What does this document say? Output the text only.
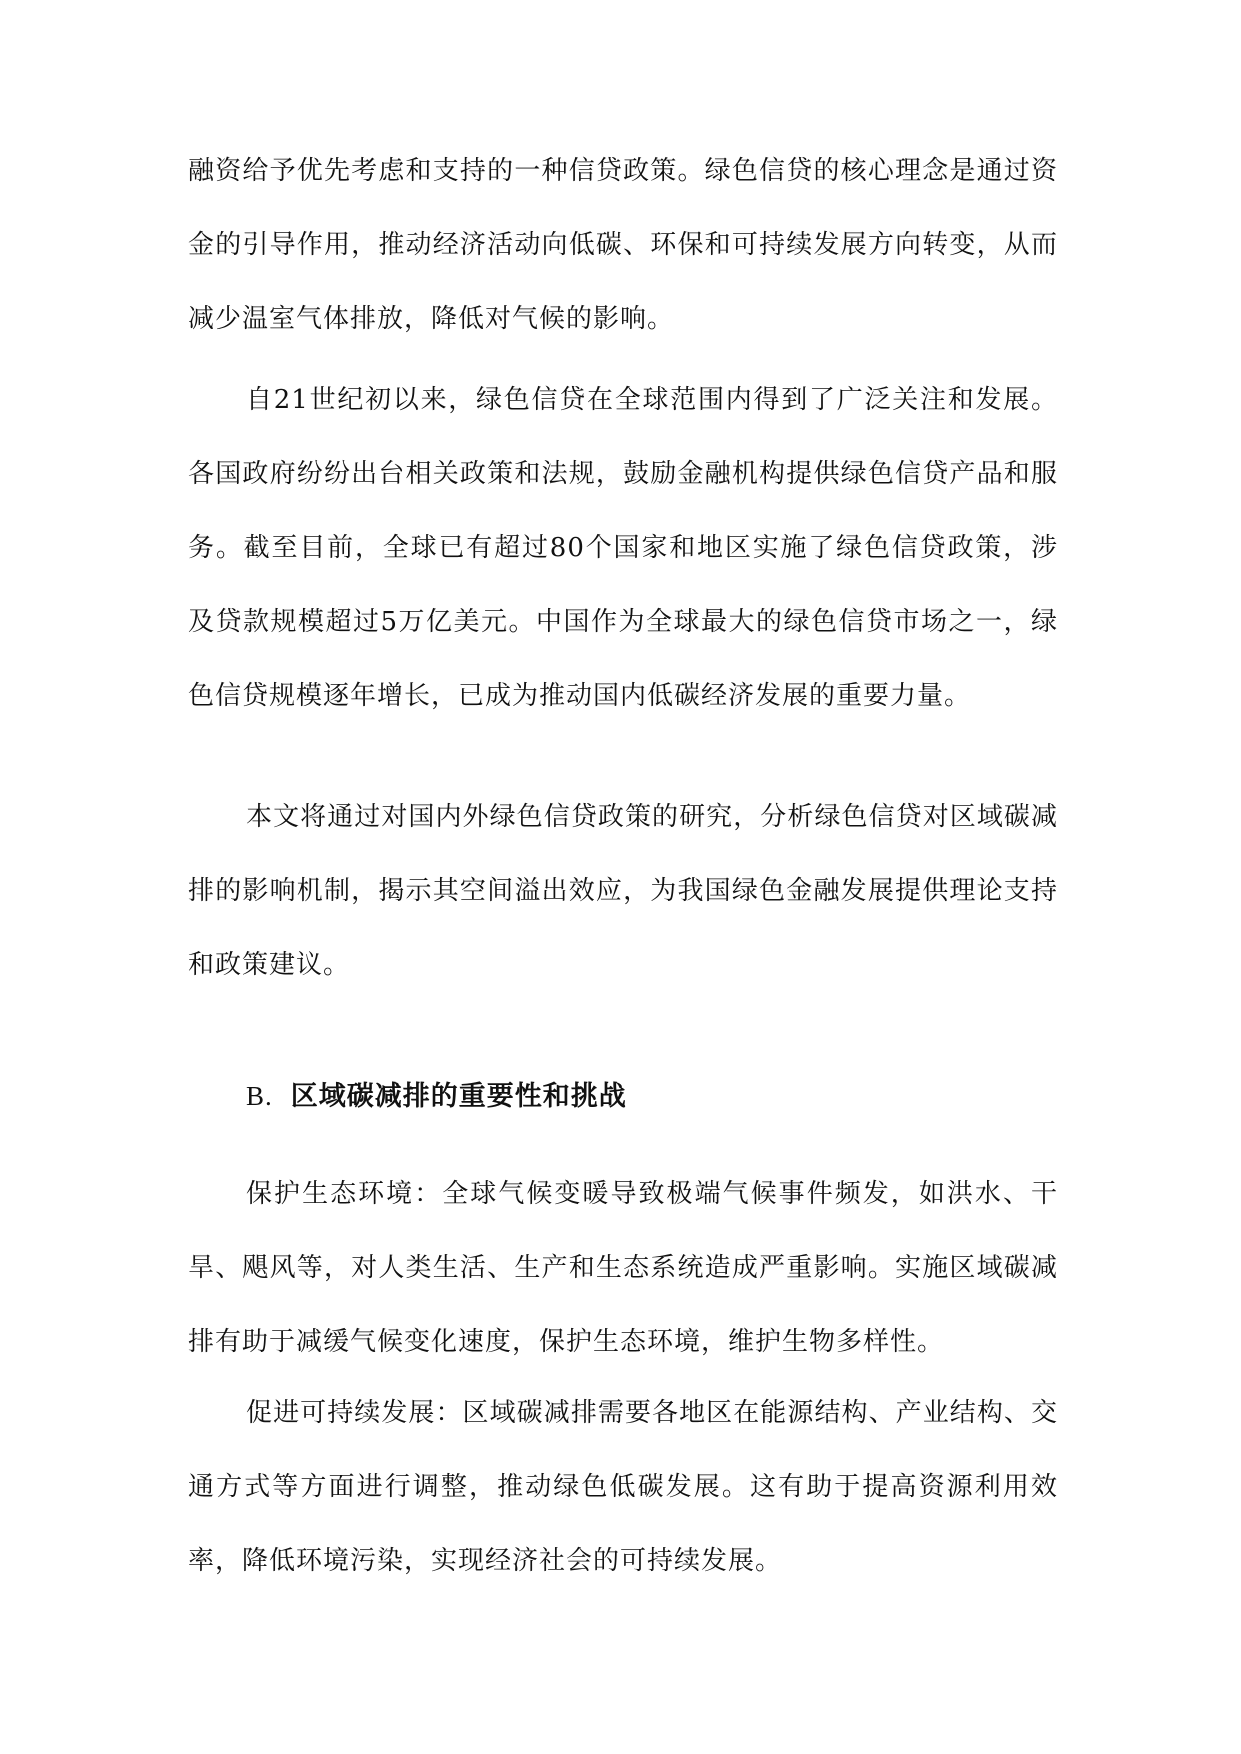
融资给予优先考虑和支持的一种信贷政策。绿色信贷的核心理念是通过资金的引导作用，推动经济活动向低碳、环保和可持续发展方向转变，从而减少温室气体排放，降低对气候的影响。

自21世纪初以来，绿色信贷在全球范围内得到了广泛关注和发展。各国政府纷纷出台相关政策和法规，鼓励金融机构提供绿色信贷产品和服务。截至目前，全球已有超过80个国家和地区实施了绿色信贷政策，涉及贷款规模超过5万亿美元。中国作为全球最大的绿色信贷市场之一，绿色信贷规模逐年增长，已成为推动国内低碳经济发展的重要力量。

本文将通过对国内外绿色信贷政策的研究，分析绿色信贷对区域碳减排的影响机制，揭示其空间溢出效应，为我国绿色金融发展提供理论支持和政策建议。

B. 区域碳减排的重要性和挑战

保护生态环境：全球气候变暖导致极端气候事件频发，如洪水、干旱、飓风等，对人类生活、生产和生态系统造成严重影响。实施区域碳减排有助于减缓气候变化速度，保护生态环境，维护生物多样性。

促进可持续发展：区域碳减排需要各地区在能源结构、产业结构、交通方式等方面进行调整，推动绿色低碳发展。这有助于提高资源利用效率，降低环境污染，实现经济社会的可持续发展。
